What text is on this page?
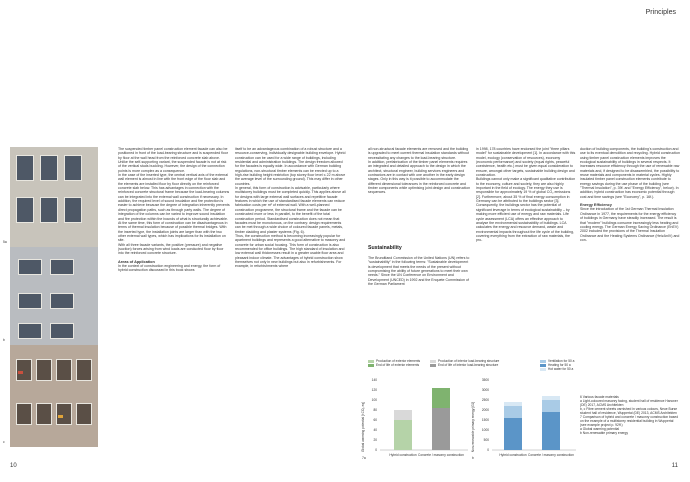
Principles
5a
b
c

The suspended timber panel construction element facade can also be positioned in front of the load-bearing structure and is suspended floor by floor at the wall head from the reinforced concrete slab above. Unlike the self-supporting variant, the suspended facade is not at risk of the vertical studs buckling. However, the design of the connection points is more complex as a consequence.

In the case of the inserted type, the central vertical axis of the external wall element is almost in line with the front edge of the floor slab and the elements are installed floor by floor directly on the reinforced concrete slab below. This has advantages in connection with the reinforced concrete structural frame because the load-bearing columns can be integrated into the external wall construction if necessary. In addition, the required level of sound insulation and fire protection is easier to achieve because the degree of integration inherently prevents direct propagation paths, such as through party walls. The degree of integration of the columns can be varied to improve sound insulation and fire protection within the bounds of what is structurally achievable. At the same time, this form of construction can be disadvantageous in terms of thermal insulation because of possible thermal bridges. With the inserted type, the installation joints are larger than with the two other external wall types, which has implications for its installation on site.

With all three facade variants, the positive (pressure) and negative (suction) forces arising from wind loads are conducted floor by floor into the reinforced concrete structure.

Areas of Application

In the context of construction engineering and energy, the form of hybrid construction discussed in this book shows

itself to be an advantageous combination of a robust structure and a resource-conserving, individually designable building envelope. Hybrid construction can be used for a wide range of buildings, including residential and administration buildings. The design freedom allowed for the facades is equally wide. In accordance with German building regulations, non-structural timber elements can be erected up to a high-rise building height restriction (top storey floor level ≤ 22 m above the average level of the surrounding ground). This may differ in other countries.

In general, this form of construction is advisable, particularly where multistorey buildings must be completed quickly. This applies above all for designs with large external wall surfaces and repetitive facade features in which the use of standardised facade elements can reduce fabrication costs per m² of external wall. With a well-planned construction programme, the structural frame and the facade can be constructed more or less in parallel, to the benefit of the total construction period. Standardised construction does not mean that facades must be monotonous, on the contrary: design requirements can be met through a wide choice of coloured facade panels, metals, timber cladding and plaster systems (Fig. 6).

Thus, the construction method is becoming increasingly popular for apartment buildings and represents a good alternative to masonry and concrete for urban social housing. This form of construction is also recommended for office buildings. The high standard of insulation and low external wall thicknesses result in a greater usable floor area and pleasant indoor climate. The advantages of hybrid construction show themselves not only in new buildings but also in refurbishments. For example, in refurbishments where

all non-structural facade elements are removed and the building is upgraded to meet current thermal insulation standards without necessitating any changes to the load-bearing structure.

In addition, prefabrication of the timber panel elements requires an integrated and detailed approach to the design in which the architect, structural engineer, building services engineers and contractors are in contact with one another in the early design stages. Only in this way is it possible to accommodate the different dimensional tolerances in the reinforced concrete and timber components while optimising joint design and construction sequences.

Sustainability

The Brundtland Commission of the United Nations (UN) refers to "sustainability" in the following terms: "Sustainable development is development that meets the needs of the present without compromising the ability of future generations to meet their own needs." Since the UN Conference on Environment and Development (UNCED) in 1992 and the Enquete Commission of the German Parliament

in 1998, 178 countries have endorsed the joint "three pillars model" for sustainable development [1]. In accordance with this model, ecology (conservation of resources), economy (economic performance) and society (equal rights, peaceful coexistence, health etc.) must be given equal consideration to ensure, amongst other targets, sustainable building design and construction.

Buildings cannot only make a significant qualitative contribution to the economy, culture and society, they are also highly important in the field of ecology. The energy they use is responsible for approximately 19 % of global CO₂ emissions [2]. Furthermore, about 35 % of final energy consumption in Germany can be attributed to the buildings sector [3]. Consequently, the buildings sector has the potential of significant leverage in terms of ecological sustainability – by making more efficient use of energy and raw materials. Life cycle assessment (LCA) offers an effective approach to analyse the environmental sustainability of buildings. LCA calculates the energy and resource demand, waste and environmental impacts throughout the life cycle of the building, covering everything from the extraction of raw materials, the pro-

duction of building components, the building's construction and use to its eventual demolition and recycling. Hybrid construction using timber panel construction elements improves the ecological sustainability of buildings in several respects. It increases resource efficiency through the use of renewable raw materials and, if designed to be disassembled, the possibility to reuse materials and components in material cycles. Highly insulated timber panel construction elements contribute to energy savings during the use phase of the building (see "Thermal Insulation", p. 39f. and "Energy Efficiency", below). In addition, hybrid construction has economic potential through cost and time savings (see "Economy", p. 16f.).

Energy Efficiency

Since the introduction of the 1st German Thermal Insulation Ordinance in 1977, the requirements for the energy efficiency of buildings in Germany have steadily increased. The result is that "modern" buildings consume increasingly less heating and cooling energy. The German Energy Saving Ordinance (EnEV) 2002 included the provisions of the Thermal Insulation Ordinance and the Heating Systems Ordinance (HeizAnIV) and con-

Production of exterior elements
End of life of exterior elements
Production of interior load-bearing structure
End of life of interior load-bearing structure
Ventilation for 50 a
Heating for 50 a
Hot water for 50 a
Global warming potential [t CO₂ eq]	0
20
40
60
80
100
120
140
Hybrid construction Concrete / masonry construction
7a
Non-renewable primary energy [GJ]	0
500
1000
1500
2000
2500
3000
3500
Hybrid construction Concrete / masonry construction
b
6 Various facade materials
a Light-coloured masonry facing, student hall of residence Hanover (DE) 2017, ACMS Architekten
b, c Fibre cement sheets varnished in various colours, Neue Burse student hall of residence, Wuppertal (DE) 2013, ACMS Architekten
7 Comparison of hybrid and concrete / masonry construction based on the example of a multistorey residential building in Wuppertal (see example project p. 92ff.)
a Global warming potential
b Non-renewable primary energy
10	11
